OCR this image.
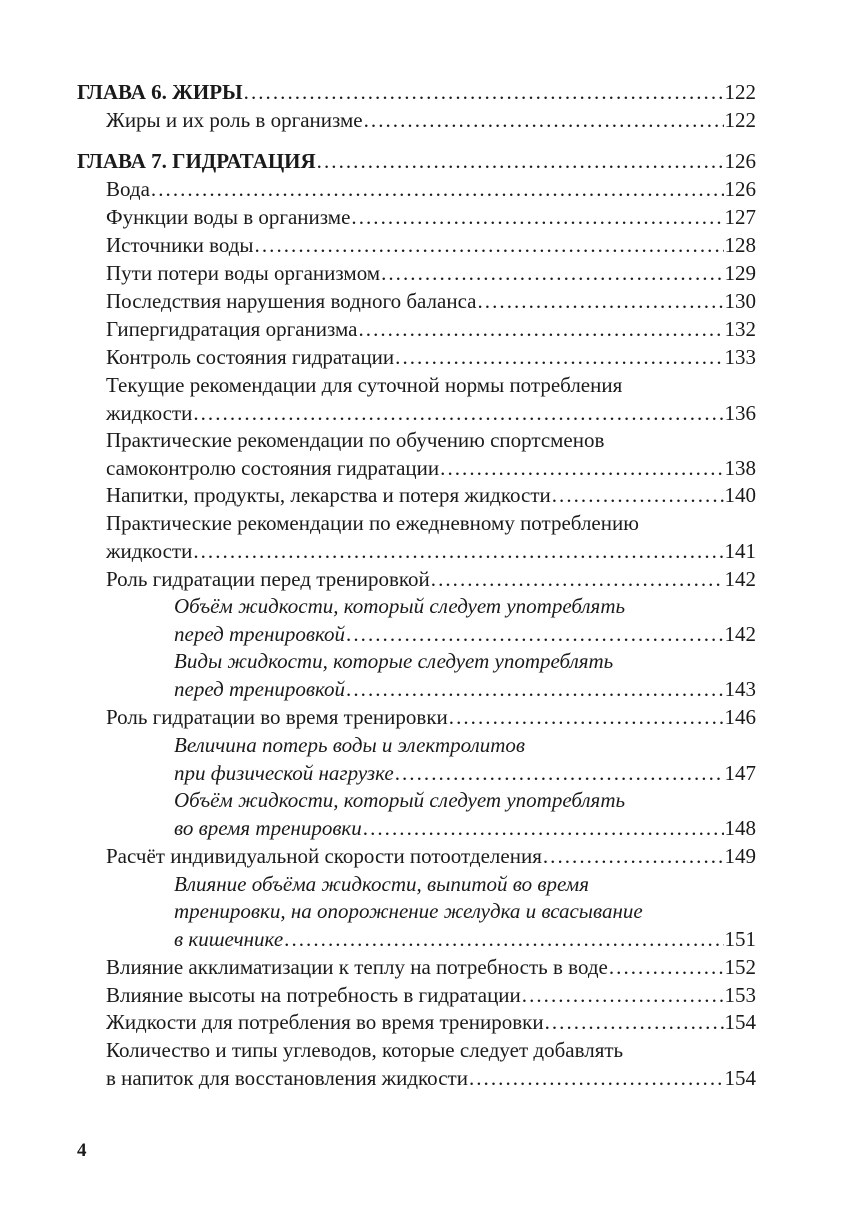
ГЛАВА 6. ЖИРЫ . . .	122
Жиры и их роль в организме . . .	122
ГЛАВА 7. ГИДРАТАЦИЯ . . .	126
Вода . . .	126
Функции воды в организме . . .	127
Источники воды . . .	128
Пути потери воды организмом . . .	129
Последствия нарушения водного баланса . . .	130
Гипергидратация организма . . .	132
Контроль состояния гидратации . . .	133
Текущие рекомендации для суточной нормы потребления
жидкости . . .	136
Практические рекомендации по обучению спортсменов
самоконтролю состояния гидратации . . .	138
Напитки, продукты, лекарства и потеря жидкости . . .	140
Практические рекомендации по ежедневному потреблению
жидкости . . .	141
Роль гидратации перед тренировкой . . .	142
Объём жидкости, который следует употреблять
перед тренировкой . . .	142
Виды жидкости, которые следует употреблять
перед тренировкой . . .	143
Роль гидратации во время тренировки . . .	146
Величина потерь воды и электролитов
при физической нагрузке . . .	147
Объём жидкости, который следует употреблять
во время тренировки . . .	148
Расчёт индивидуальной скорости потоотделения . . .	149
Влияние объёма жидкости, выпитой во время
тренировки, на опорожнение желудка и всасывание
в кишечнике . . .	151
Влияние акклиматизации к теплу на потребность в воде . . .	152
Влияние высоты на потребность в гидратации . . .	153
Жидкости для потребления во время тренировки . . .	154
Количество и типы углеводов, которые следует добавлять
в напиток для восстановления жидкости . . .	154
4
